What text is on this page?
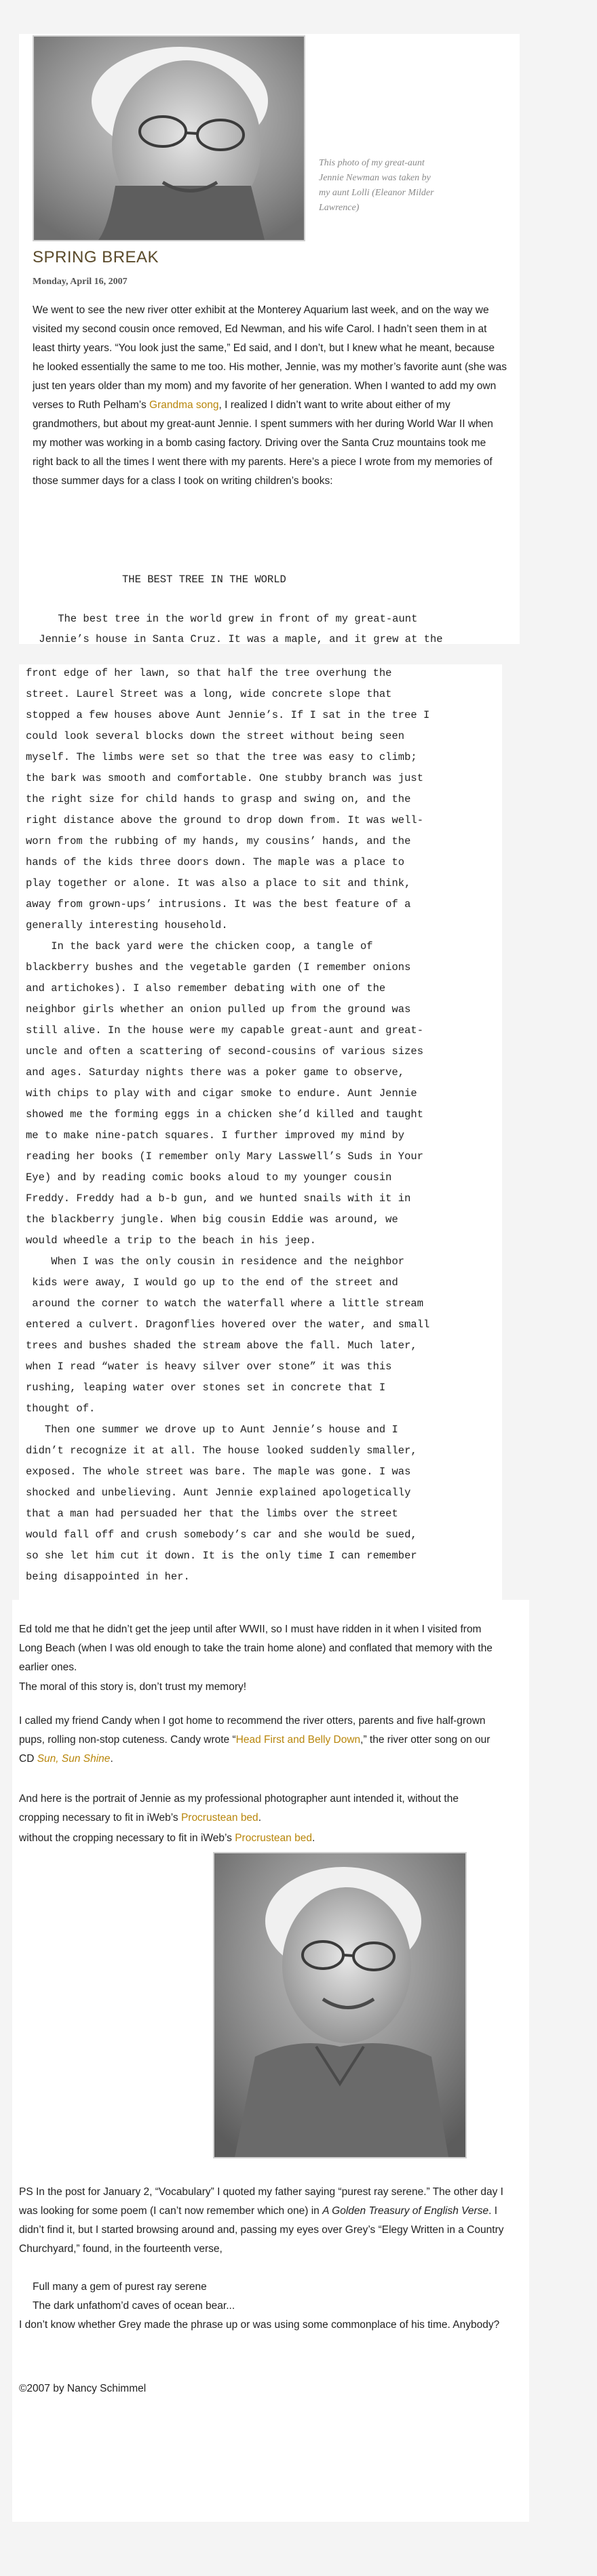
This photo of my great-aunt Jennie Newman was taken by my aunt Lolli (Eleanor Milder Lawrence)
SPRING BREAK
Monday, April 16, 2007
We went to see the new river otter exhibit at the Monterey Aquarium last week, and on the way we visited my second cousin once removed, Ed Newman, and his wife Carol. I hadn’t seen them in at least thirty years. “You look just the same,” Ed said, and I don’t, but I knew what he meant, because he looked essentially the same to me too. His mother, Jennie, was my mother’s favorite aunt (she was just ten years older than my mom) and my favorite of her generation. When I wanted to add my own verses to Ruth Pelham’s Grandma song, I realized I didn’t want to write about either of my grandmothers, but about my great-aunt Jennie. I spent summers with her during World War II when my mother was working in a bomb casing factory. Driving over the Santa Cruz mountains took me right back to all the times I went there with my parents. Here’s a piece I wrote from my memories of those summer days for a class I took on writing children’s books:
THE BEST TREE IN THE WORLD
The best tree in the world grew in front of my great-aunt
Jennie’s house in Santa Cruz. It was a maple, and it grew at the
front edge of her lawn, so that half the tree overhung the
street. Laurel Street was a long, wide concrete slope that
stopped a few houses above Aunt Jennie’s. If I sat in the tree I
could look several blocks down the street without being seen
myself. The limbs were set so that the tree was easy to climb;
the bark was smooth and comfortable. One stubby branch was just
the right size for child hands to grasp and swing on, and the
right distance above the ground to drop down from. It was well-
worn from the rubbing of my hands, my cousins’ hands, and the
hands of the kids three doors down. The maple was a place to
play together or alone. It was also a place to sit and think,
away from grown-ups’ intrusions. It was the best feature of a
generally interesting household.
In the back yard were the chicken coop, a tangle of
blackberry bushes and the vegetable garden (I remember onions
and artichokes). I also remember debating with one of the
neighbor girls whether an onion pulled up from the ground was
still alive. In the house were my capable great-aunt and great-
uncle and often a scattering of second-cousins of various sizes
and ages. Saturday nights there was a poker game to observe,
with chips to play with and cigar smoke to endure. Aunt Jennie
showed me the forming eggs in a chicken she’d killed and taught
me to make nine-patch squares. I further improved my mind by
reading her books (I remember only Mary Lasswell’s Suds in Your
Eye) and by reading comic books aloud to my younger cousin
Freddy. Freddy had a b-b gun, and we hunted snails with it in
the blackberry jungle. When big cousin Eddie was around, we
would wheedle a trip to the beach in his jeep.
When I was the only cousin in residence and the neighbor
kids were away, I would go up to the end of the street and
around the corner to watch the waterfall where a little stream
entered a culvert. Dragonflies hovered over the water, and small
trees and bushes shaded the stream above the fall. Much later,
when I read “water is heavy silver over stone” it was this
rushing, leaping water over stones set in concrete that I
thought of.
Then one summer we drove up to Aunt Jennie’s house and I
didn’t recognize it at all. The house looked suddenly smaller,
exposed. The whole street was bare. The maple was gone. I was
shocked and unbelieving. Aunt Jennie explained apologetically
that a man had persuaded her that the limbs over the street
would fall off and crush somebody’s car and she would be sued,
so she let him cut it down. It is the only time I can remember
being disappointed in her.
Ed told me that he didn’t get the jeep until after WWII, so I must have ridden in it when I visited from Long Beach (when I was old enough to take the train home alone) and conflated that memory with the earlier ones.
The moral of this story is, don’t trust my memory!
I called my friend Candy when I got home to recommend the river otters, parents and five half-grown pups, rolling non-stop cuteness. Candy wrote “Head First and Belly Down,” the river otter song on our CD Sun, Sun Shine.
And here is the portrait of Jennie as my professional photographer aunt intended it, without the cropping necessary to fit in iWeb’s Procrustean bed.
without the cropping necessary to fit in iWeb’s Procrustean bed.
PS In the post for January 2, “Vocabulary” I quoted my father saying “purest ray serene.” The other day I was looking for some poem (I can’t now remember which one) in A Golden Treasury of English Verse. I didn’t find it, but I started browsing around and, passing my eyes over Grey’s “Elegy Written in a Country Churchyard,” found, in the fourteenth verse,
Full many a gem of purest ray serene
The dark unfathom’d caves of ocean bear...
I don’t know whether Grey made the phrase up or was using some commonplace of his time. Anybody?
©2007 by Nancy Schimmel
